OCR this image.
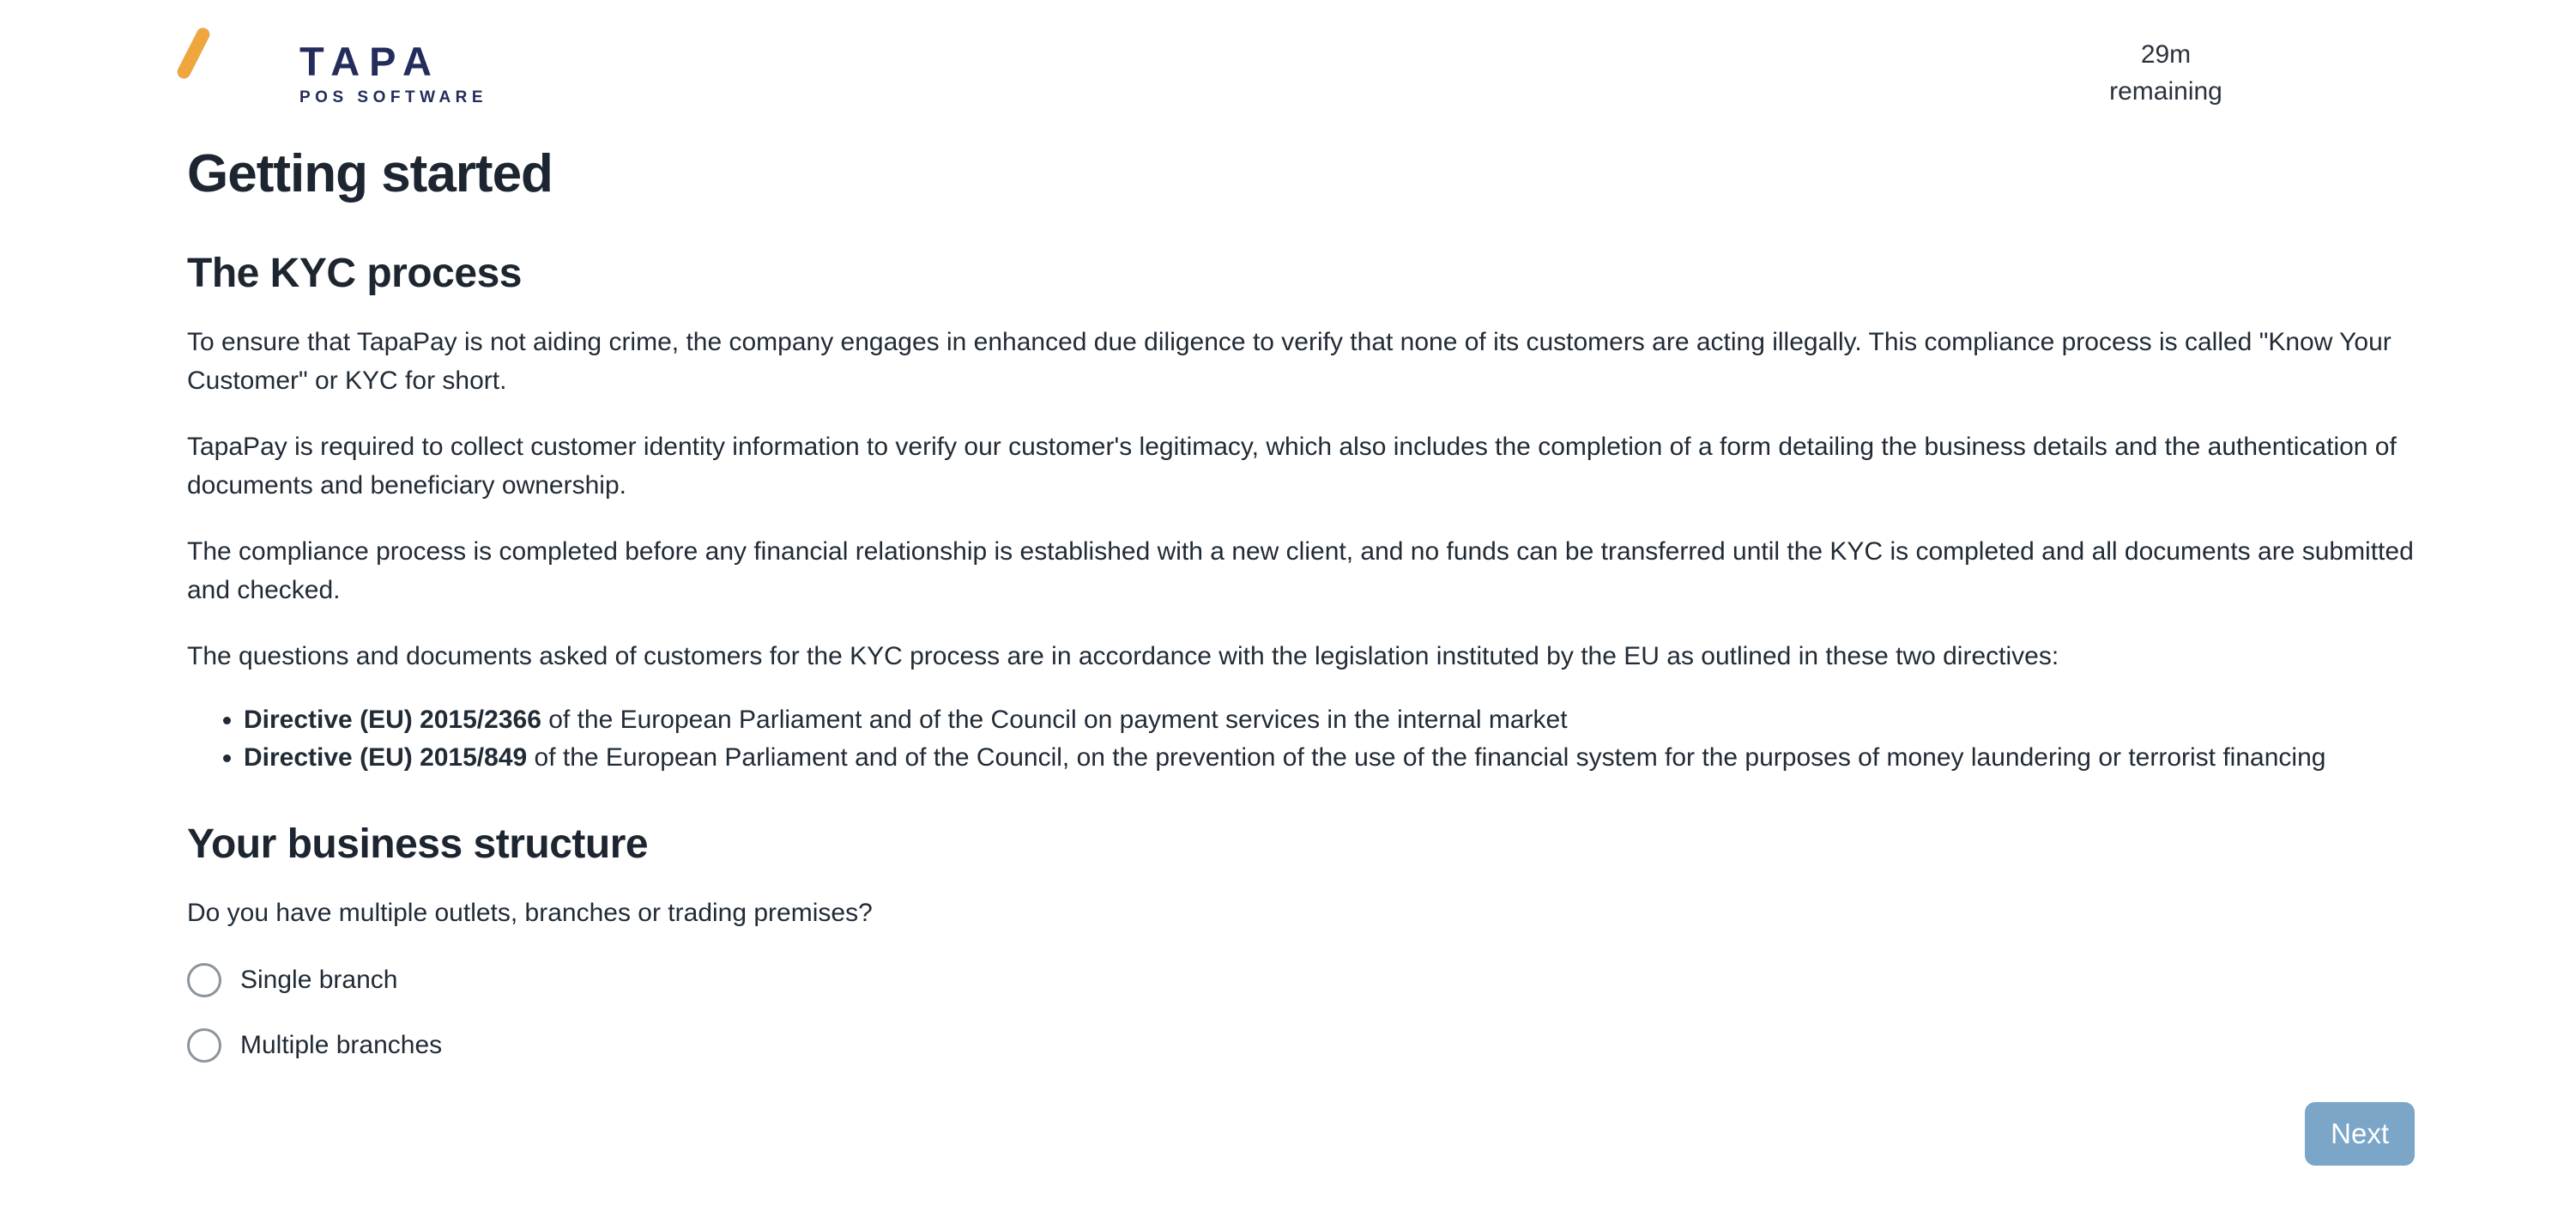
29m remaining
TAPA
POS SOFTWARE
Getting started
The KYC process

To ensure that TapaPay is not aiding crime, the company engages in enhanced due diligence to verify that none of its customers are acting illegally. This compliance process is called "Know Your Customer" or KYC for short.

TapaPay is required to collect customer identity information to verify our customer's legitimacy, which also includes the completion of a form detailing the business details and the authentication of documents and beneficiary ownership.

The compliance process is completed before any financial relationship is established with a new client, and no funds can be transferred until the KYC is completed and all documents are submitted and checked.

The questions and documents asked of customers for the KYC process are in accordance with the legislation instituted by the EU as outlined in these two directives:

• Directive (EU) 2015/2366 of the European Parliament and of the Council on payment services in the internal market
• Directive (EU) 2015/849 of the European Parliament and of the Council, on the prevention of the use of the financial system for the purposes of money laundering or terrorist financing
Your business structure

Do you have multiple outlets, branches or trading premises?

Single branch
Multiple branches
Next
